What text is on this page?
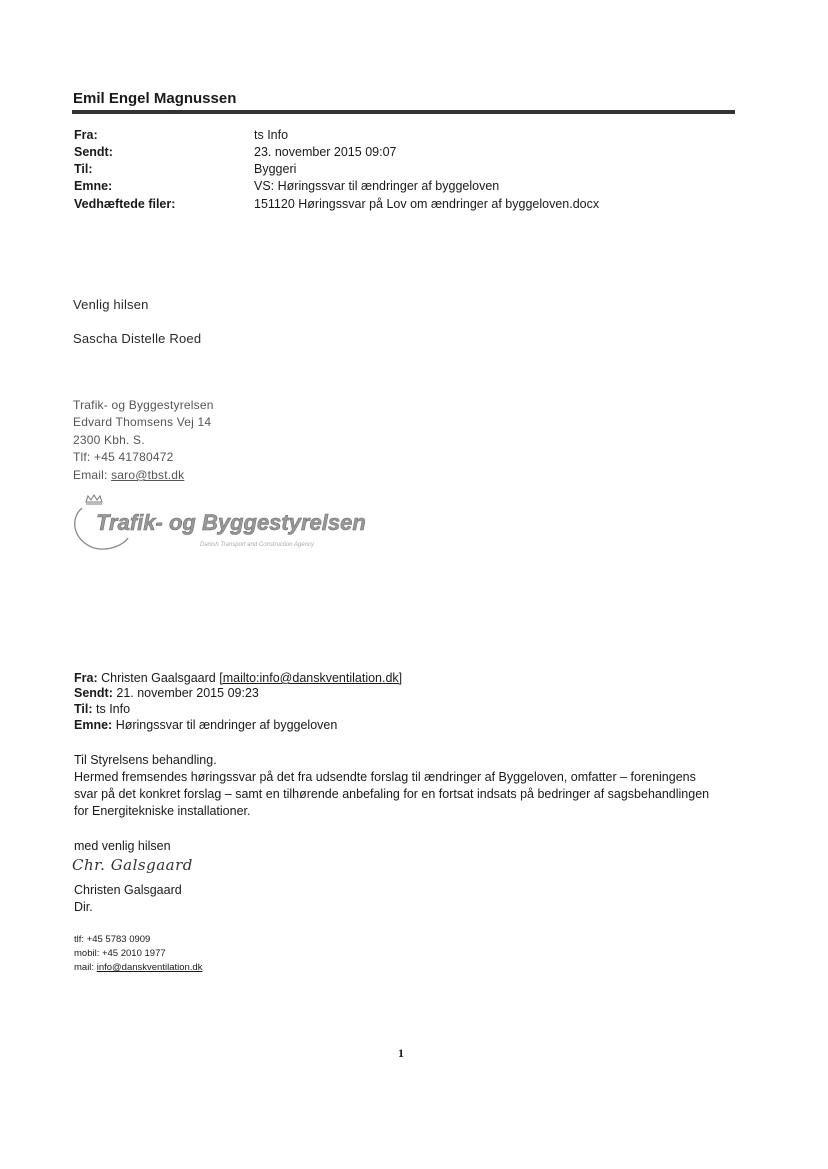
Emil Engel Magnussen
Fra:	ts Info
Sendt:	23. november 2015 09:07
Til:	Byggeri
Emne:	VS: Høringssvar til ændringer af byggeloven
Vedhæftede filer:	151120 Høringssvar på Lov om ændringer af byggeloven.docx
Venlig hilsen
Sascha Distelle Roed
Trafik- og Byggestyrelsen
Edvard Thomsens Vej 14
2300 Kbh. S.
Tlf: +45 41780472
Email: saro@tbst.dk
Trafik- og Byggestyrelsen
Danish Transport and Construction Agency
Fra: Christen Gaalsgaard [mailto:info@danskventilation.dk]
Sendt: 21. november 2015 09:23
Til: ts Info
Emne: Høringssvar til ændringer af byggeloven
Til Styrelsens behandling.
Hermed fremsendes høringssvar på det fra udsendte forslag til ændringer af Byggeloven, omfatter – foreningens
svar på det konkret forslag – samt en tilhørende anbefaling for en fortsat indsats på bedringer af sagsbehandlingen
for Energitekniske installationer.
med venlig hilsen
Chr. Galsgaard
Christen Galsgaard
Dir.
tlf: +45 5783 0909
mobil: +45 2010 1977
mail: info@danskventilation.dk
1
